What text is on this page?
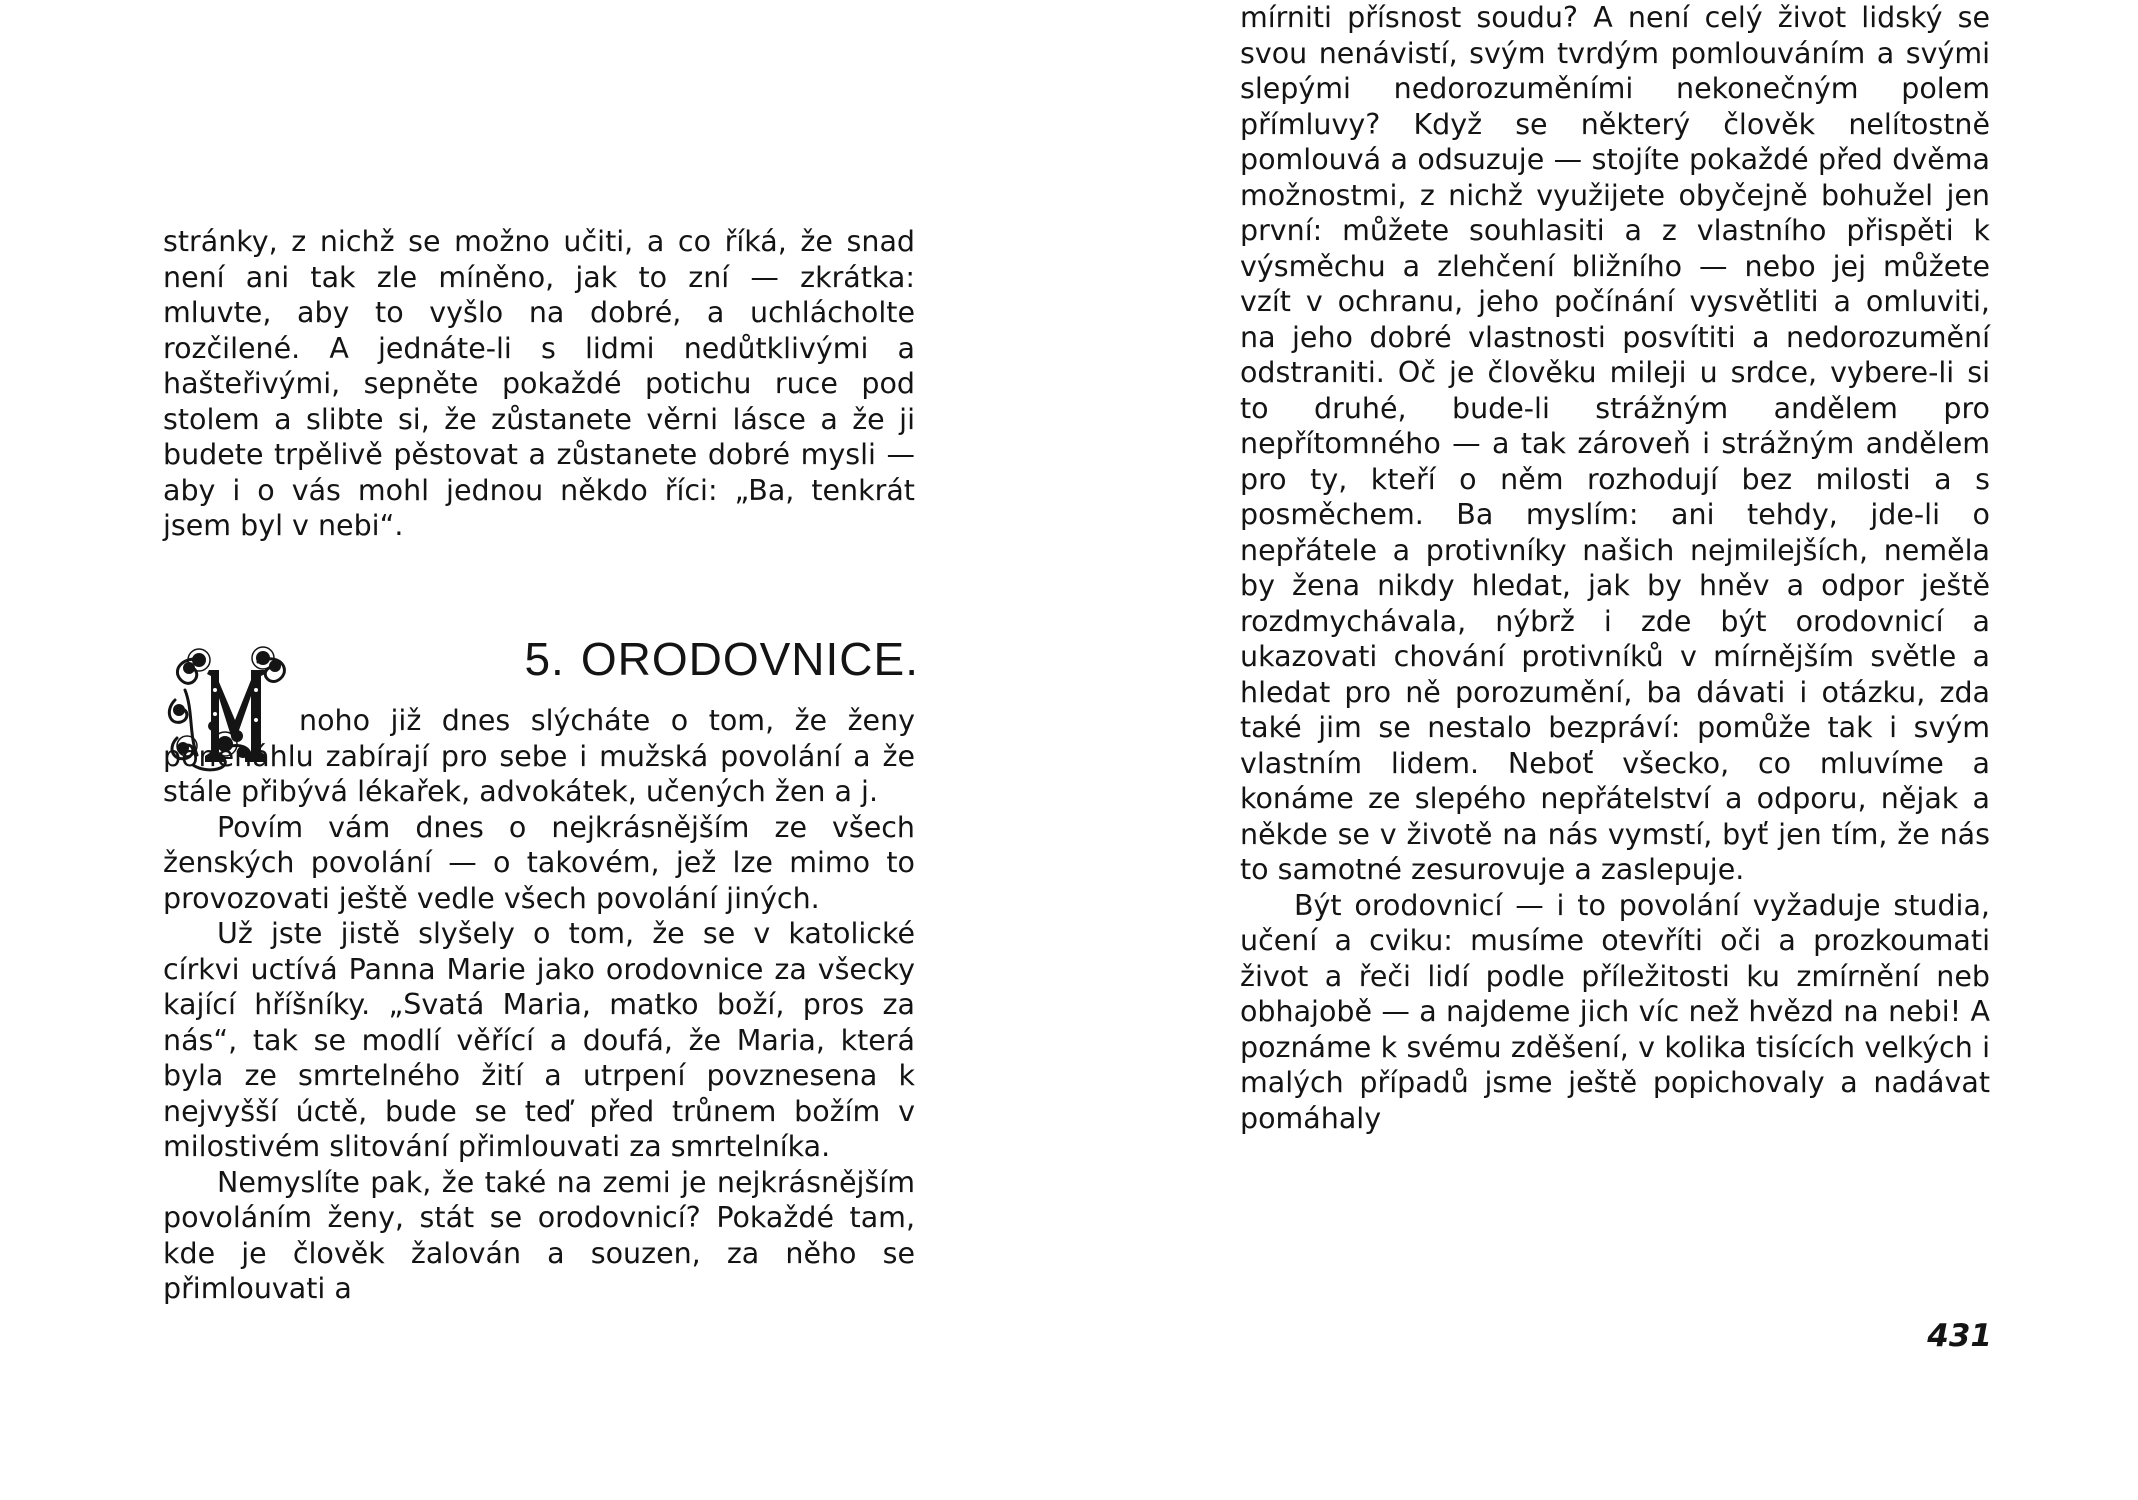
stránky, z nichž se možno učiti, a co říká, že snad není ani tak zle míněno, jak to zní — zkrátka: mluvte, aby to vyšlo na dobré, a uchlácholte rozčilené. A jednáte-li s lidmi nedůtklivými a hašteřivými, sepněte pokaždé potichu ruce pod stolem a slibte si, že zůstanete věrni lásce a že ji budete trpělivě pěstovat a zůstanete dobré mysli — aby i o vás mohl jednou někdo říci: „Ba, tenkrát jsem byl v nebi“.

5. ORODOVNICE.

noho již dnes slýcháte o tom, že ženy ponenáhlu zabírají pro sebe i mužská povolání a že stále přibývá lékařek, advokátek, učených žen a j.

Povím vám dnes o nejkrásnějším ze všech ženských povolání — o takovém, jež lze mimo to provozovati ještě vedle všech povolání jiných.

Už jste jistě slyšely o tom, že se v katolické církvi uctívá Panna Marie jako orodovnice za všecky kající hříšníky. „Svatá Maria, matko boží, pros za nás“, tak se modlí věřící a doufá, že Maria, která byla ze smrtelného žití a utrpení povznesena k nejvyšší úctě, bude se teď před trůnem božím v milostivém slitování přimlouvati za smrtelníka.

Nemyslíte pak, že také na zemi je nejkrásnějším povoláním ženy, stát se orodovnicí? Pokaždé tam, kde je člověk žalován a souzen, za něho se přimlouvati a

mírniti přísnost soudu? A není celý život lidský se svou nenávistí, svým tvrdým pomlouváním a svými slepými nedorozuměními nekonečným polem přímluvy? Když se některý člověk nelítostně pomlouvá a odsuzuje — stojíte pokaždé před dvěma možnostmi, z nichž využijete obyčejně bohužel jen první: můžete souhlasiti a z vlastního přispěti k výsměchu a zlehčení bližního — nebo jej můžete vzít v ochranu, jeho počínání vysvětliti a omluviti, na jeho dobré vlastnosti posvítiti a nedorozumění odstraniti. Oč je člověku mileji u srdce, vybere-li si to druhé, bude-li strážným andělem pro nepřítomného — a tak zároveň i strážným andělem pro ty, kteří o něm rozhodují bez milosti a s posměchem. Ba myslím: ani tehdy, jde-li o nepřátele a protivníky našich nejmilejších, neměla by žena nikdy hledat, jak by hněv a odpor ještě rozdmychávala, nýbrž i zde být orodovnicí a ukazovati chování protivníků v mírnějším světle a hledat pro ně porozumění, ba dávati i otázku, zda také jim se nestalo bezpráví: pomůže tak i svým vlastním lidem. Neboť všecko, co mluvíme a konáme ze slepého nepřátelství a odporu, nějak a někde se v životě na nás vymstí, byť jen tím, že nás to samotné zesurovuje a zaslepuje.

Být orodovnicí — i to povolání vyžaduje studia, učení a cviku: musíme otevříti oči a prozkoumati život a řeči lidí podle příležitosti ku zmírnění neb obhajobě — a najdeme jich víc než hvězd na nebi! A poznáme k svému zděšení, v kolika tisících velkých i malých případů jsme ještě popichovaly a nadávat pomáhaly

431
